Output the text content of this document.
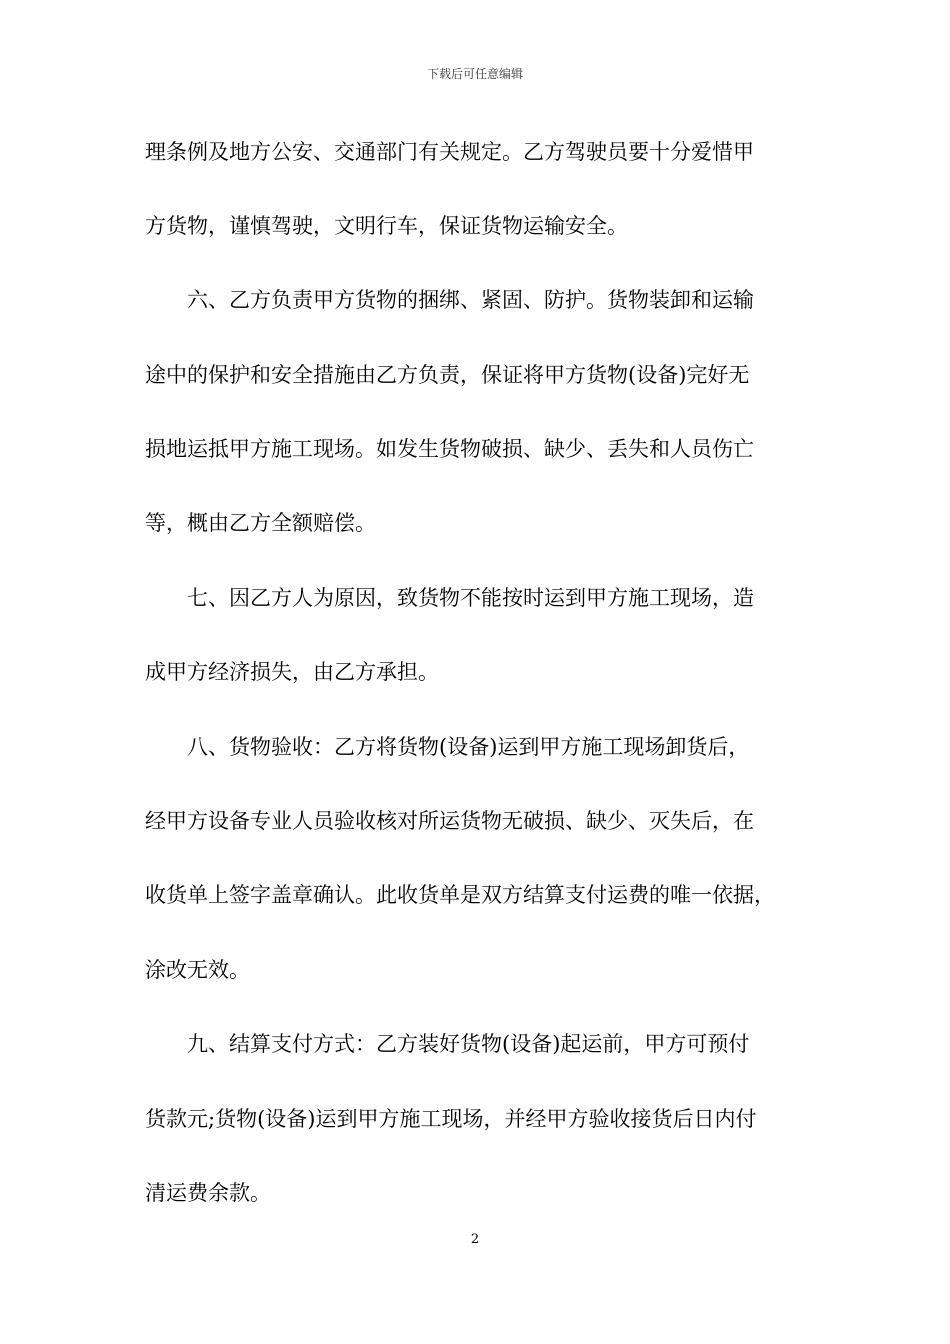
下载后可任意编辑
理条例及地方公安、交通部门有关规定。乙方驾驶员要十分爱惜甲
方货物，谨慎驾驶，文明行车，保证货物运输安全。
　　六、乙方负责甲方货物的捆绑、紧固、防护。货物装卸和运输
途中的保护和安全措施由乙方负责，保证将甲方货物(设备)完好无
损地运抵甲方施工现场。如发生货物破损、缺少、丢失和人员伤亡
等，概由乙方全额赔偿。
　　七、因乙方人为原因，致货物不能按时运到甲方施工现场，造
成甲方经济损失，由乙方承担。
　　八、货物验收：乙方将货物(设备)运到甲方施工现场卸货后，
经甲方设备专业人员验收核对所运货物无破损、缺少、灭失后，在
收货单上签字盖章确认。此收货单是双方结算支付运费的唯一依据，
涂改无效。
　　九、结算支付方式：乙方装好货物(设备)起运前，甲方可预付
货款元;货物(设备)运到甲方施工现场，并经甲方验收接货后日内付
清运费余款。
2
